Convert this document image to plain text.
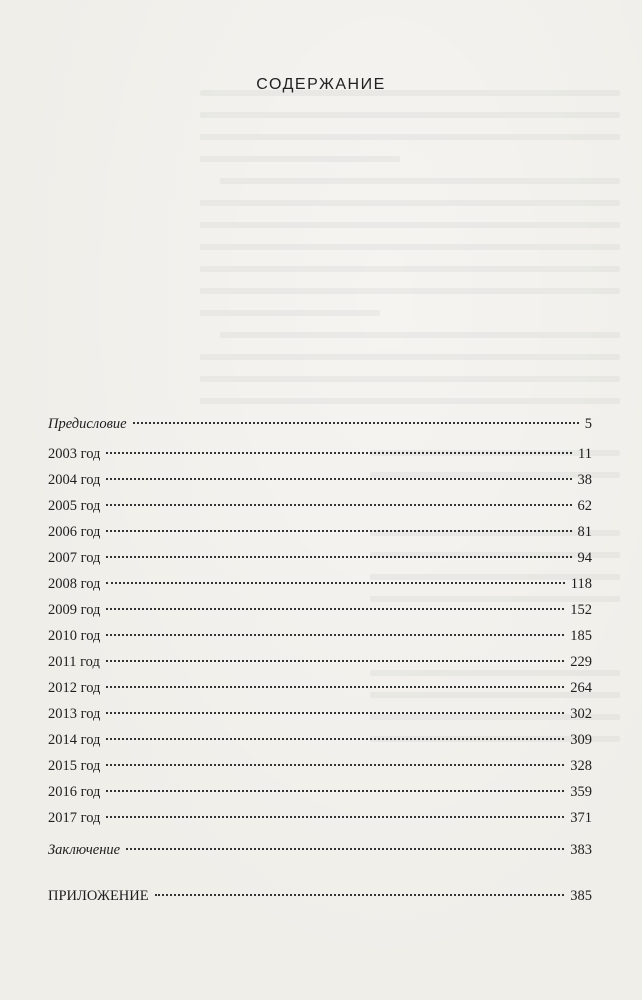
СОДЕРЖАНИЕ
Предисловие	5
2003 год	11
2004 год	38
2005 год	62
2006 год	81
2007 год	94
2008 год	118
2009 год	152
2010 год	185
2011 год	229
2012 год	264
2013 год	302
2014 год	309
2015 год	328
2016 год	359
2017 год	371
Заключение	383
ПРИЛОЖЕНИЕ	385
